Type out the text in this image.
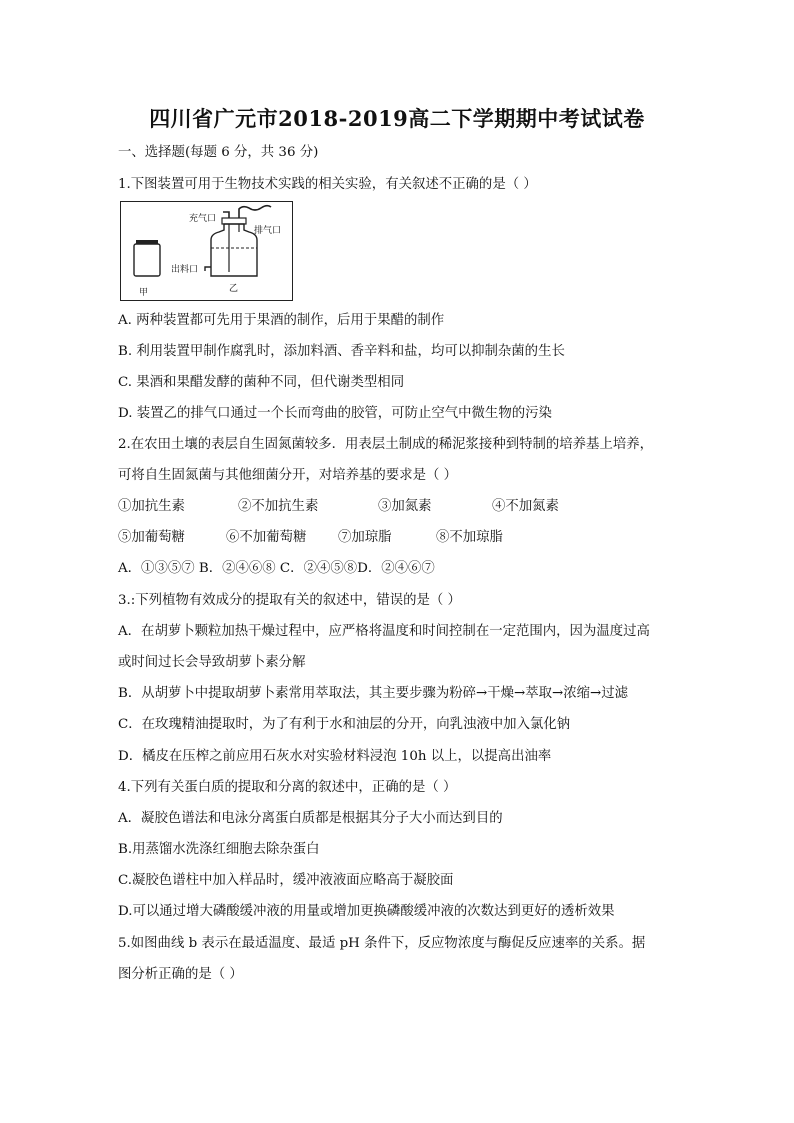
四川省广元市2018-2019高二下学期期中考试试卷
一、选择题(每题 6 分，共 36 分)
1.下图装置可用于生物技术实践的相关实验，有关叙述不正确的是（ ）
充气口
排气口
出料口
甲	乙
A. 两种装置都可先用于果酒的制作，后用于果醋的制作
B. 利用装置甲制作腐乳时，添加料酒、香辛料和盐，均可以抑制杂菌的生长
C. 果酒和果醋发酵的菌种不同，但代谢类型相同
D. 装置乙的排气口通过一个长而弯曲的胶管，可防止空气中微生物的污染
2.在农田土壤的表层自生固氮菌较多．用表层土制成的稀泥浆接种到特制的培养基上培养，
可将自生固氮菌与其他细菌分开，对培养基的要求是（ ）
①加抗生素	②不加抗生素	③加氮素	④不加氮素
⑤加葡萄糖	⑥不加葡萄糖 ⑦加琼脂	⑧不加琼脂
A．①③⑤⑦ B．②④⑥⑧ C．②④⑤⑧D．②④⑥⑦
3.:下列植物有效成分的提取有关的叙述中，错误的是（ ）
A．在胡萝卜颗粒加热干燥过程中，应严格将温度和时间控制在一定范围内，因为温度过高
或时间过长会导致胡萝卜素分解
B．从胡萝卜中提取胡萝卜素常用萃取法，其主要步骤为粉碎→干燥→萃取→浓缩→过滤
C．在玫瑰精油提取时，为了有利于水和油层的分开，向乳浊液中加入氯化钠
D．橘皮在压榨之前应用石灰水对实验材料浸泡 10h 以上，以提高出油率
4.下列有关蛋白质的提取和分离的叙述中，正确的是（ ）
A．凝胶色谱法和电泳分离蛋白质都是根据其分子大小而达到目的
B.用蒸馏水洗涤红细胞去除杂蛋白
C.凝胶色谱柱中加入样品时，缓冲液液面应略高于凝胶面
D.可以通过增大磷酸缓冲液的用量或增加更换磷酸缓冲液的次数达到更好的透析效果
5.如图曲线 b 表示在最适温度、最适 pH 条件下，反应物浓度与酶促反应速率的关系。据
图分析正确的是（ ）
